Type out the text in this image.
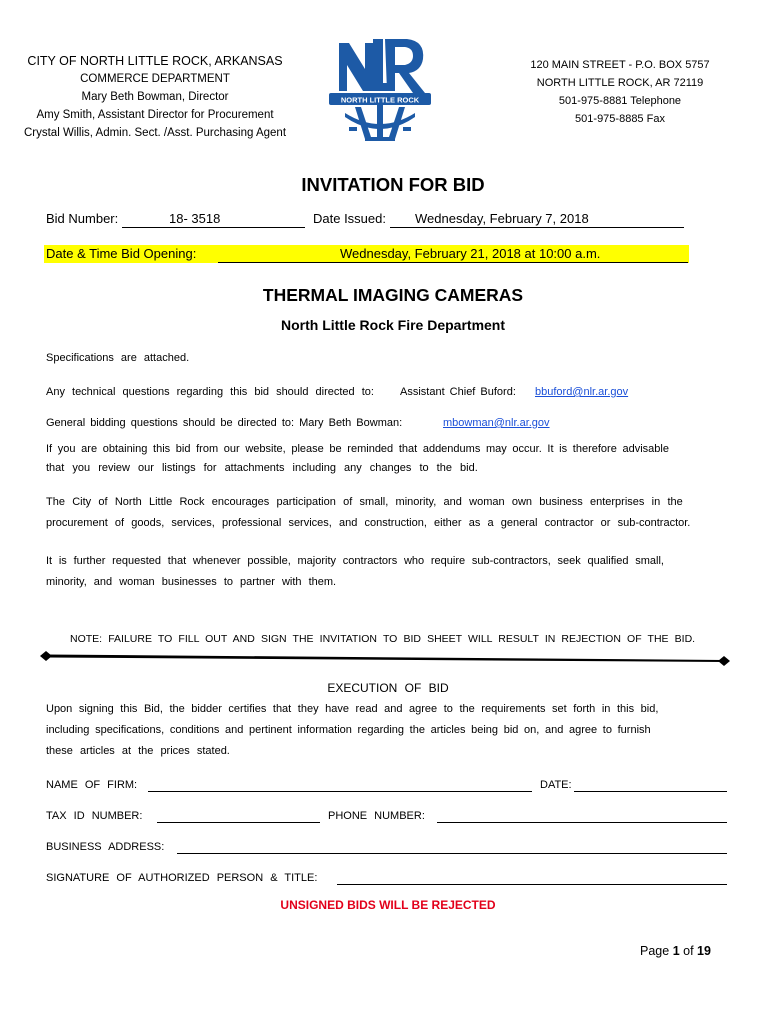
CITY OF NORTH LITTLE ROCK, ARKANSAS
COMMERCE DEPARTMENT
Mary Beth Bowman, Director
Amy Smith, Assistant Director for Procurement
Crystal Willis, Admin. Sect. /Asst. Purchasing Agent
NORTH LITTLE ROCK
120 MAIN STREET - P.O. BOX 5757
NORTH LITTLE ROCK, AR 72119
501-975-8881 Telephone
501-975-8885 Fax
INVITATION FOR BID
Bid Number:	18- 3518	Date Issued:	Wednesday, February 7, 2018
Date & Time Bid Opening:	Wednesday, February 21, 2018 at 10:00 a.m.
THERMAL IMAGING CAMERAS
North Little Rock Fire Department
Specifications are attached.
Any technical questions regarding this bid should directed to: Assistant Chief Buford: bbuford@nlr.ar.gov
General bidding questions should be directed to: Mary Beth Bowman:	mbowman@nlr.ar.gov
If you are obtaining this bid from our website, please be reminded that addendums may occur. It is therefore advisable
that you review our listings for attachments including any changes to the bid.
The City of North Little Rock encourages participation of small, minority, and woman own business enterprises in the
procurement of goods, services, professional services, and construction, either as a general contractor or sub-contractor.
It is further requested that whenever possible, majority contractors who require sub-contractors, seek qualified small,
minority, and woman businesses to partner with them.
NOTE: FAILURE TO FILL OUT AND SIGN THE INVITATION TO BID SHEET WILL RESULT IN REJECTION OF THE BID.
EXECUTION OF BID
Upon signing this Bid, the bidder certifies that they have read and agree to the requirements set forth in this bid,
including specifications, conditions and pertinent information regarding the articles being bid on, and agree to furnish
these articles at the prices stated.
NAME OF FIRM:	DATE:
TAX ID NUMBER:	PHONE NUMBER:
BUSINESS ADDRESS:
SIGNATURE OF AUTHORIZED PERSON & TITLE:
UNSIGNED BIDS WILL BE REJECTED
Page 1 of 19
